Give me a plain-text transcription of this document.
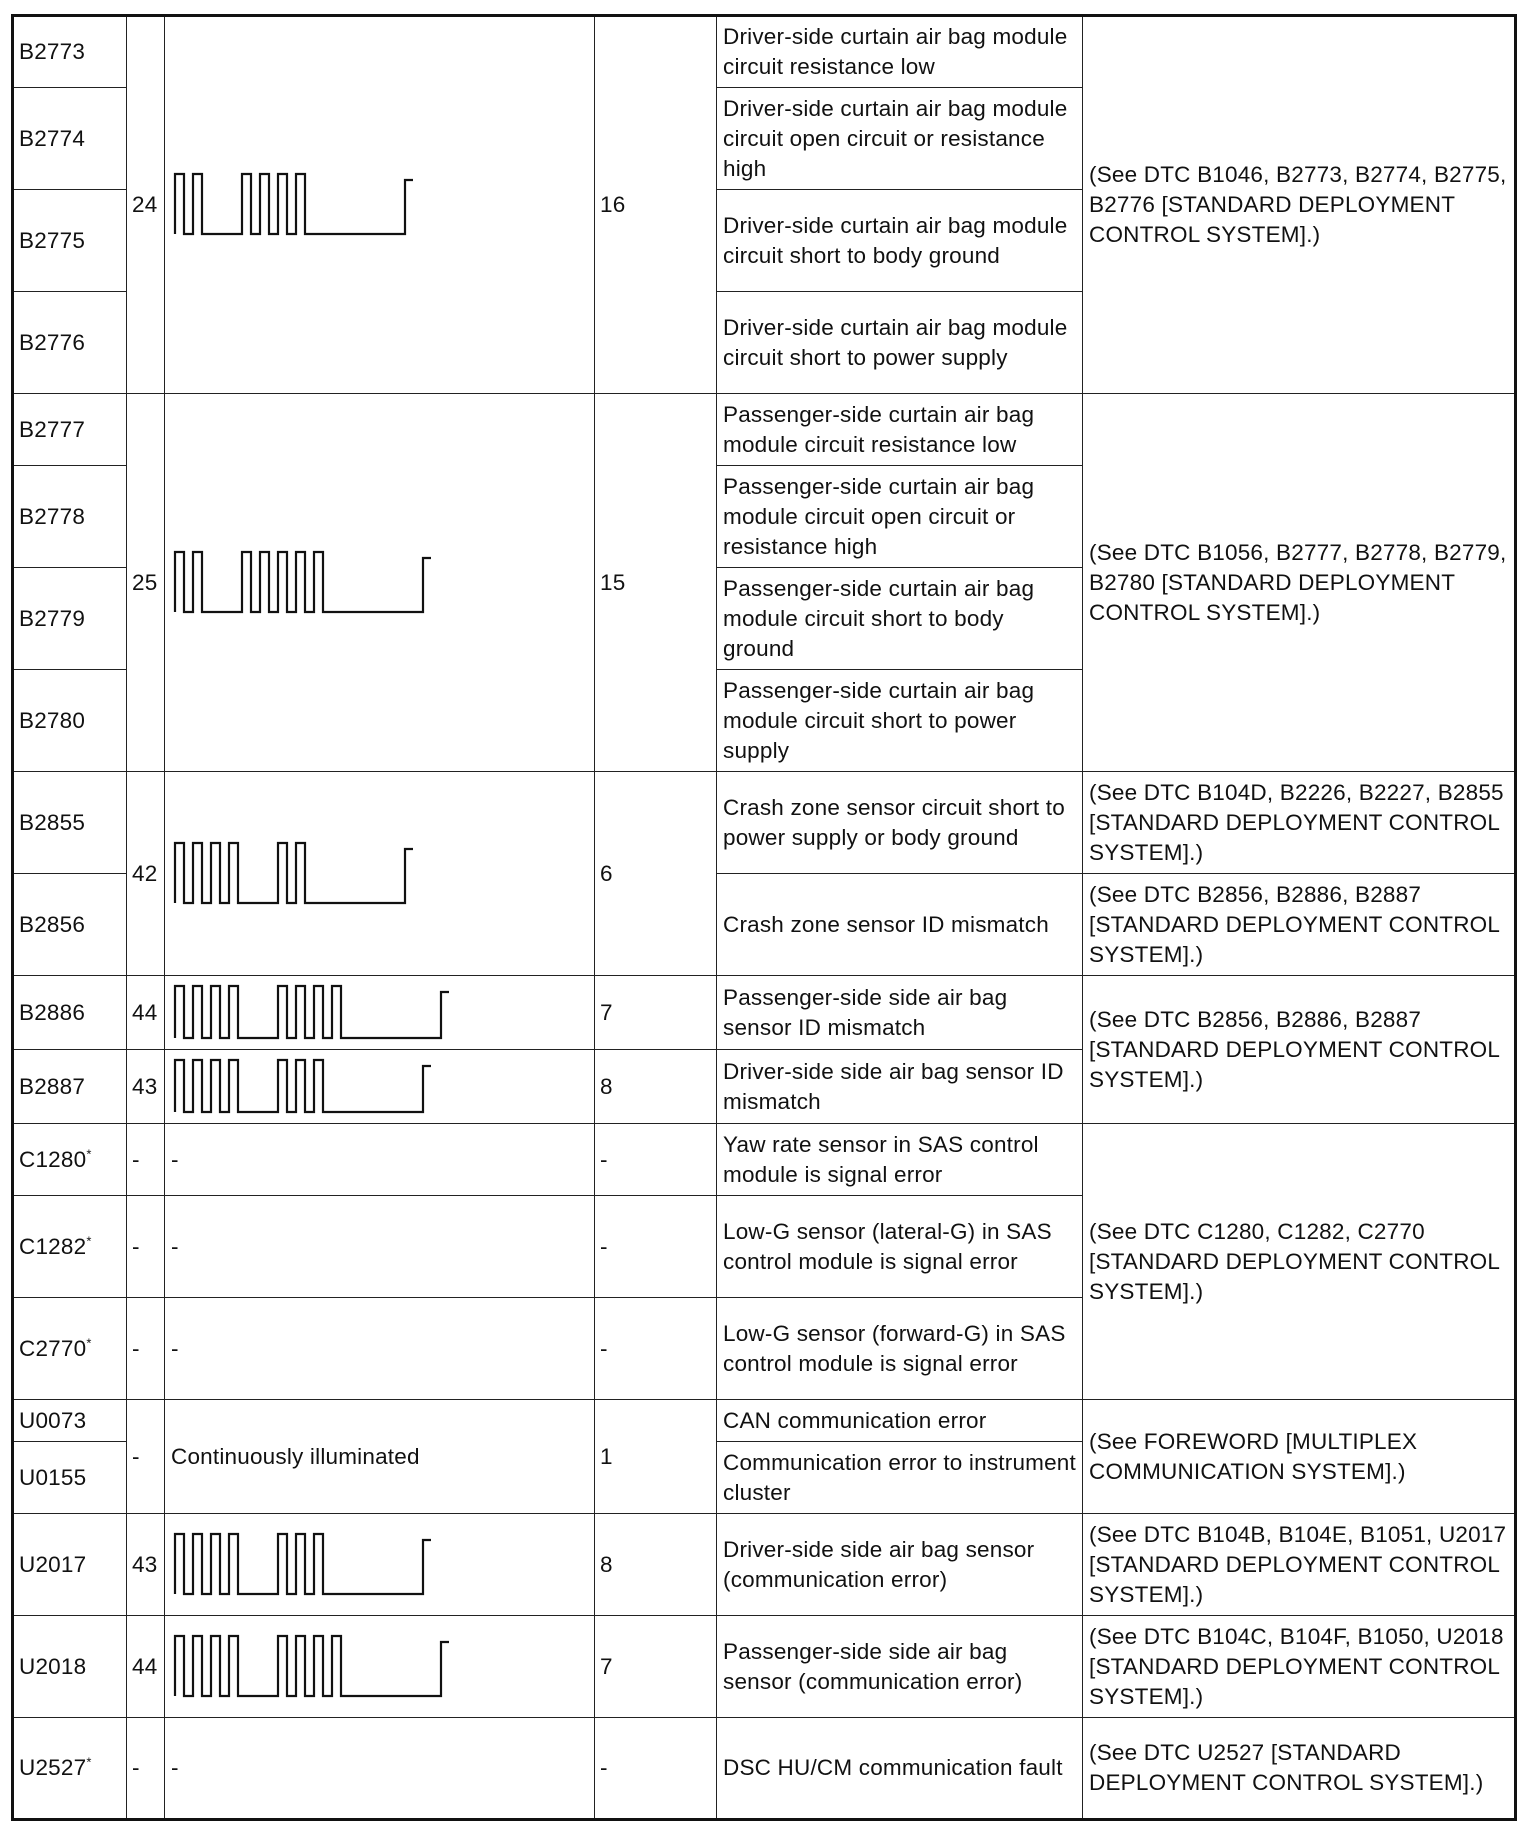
B2773	24		16	Driver-side curtain air bag module circuit resistance low	(See DTC B1046, B2773, B2774, B2775, B2776 [STANDARD DEPLOYMENT CONTROL SYSTEM].)
B2774				Driver-side curtain air bag module circuit open circuit or resistance high	
B2775				Driver-side curtain air bag module circuit short to body ground	
B2776				Driver-side curtain air bag module circuit short to power supply	
B2777	25		15	Passenger-side curtain air bag module circuit resistance low	(See DTC B1056, B2777, B2778, B2779, B2780 [STANDARD DEPLOYMENT CONTROL SYSTEM].)
B2778				Passenger-side curtain air bag module circuit open circuit or resistance high	
B2779				Passenger-side curtain air bag module circuit short to body ground	
B2780				Passenger-side curtain air bag module circuit short to power supply	
B2855	42		6	Crash zone sensor circuit short to power supply or body ground	(See DTC B104D, B2226, B2227, B2855 [STANDARD DEPLOYMENT CONTROL SYSTEM].)
B2856				Crash zone sensor ID mismatch	(See DTC B2856, B2886, B2887 [STANDARD DEPLOYMENT CONTROL SYSTEM].)
B2886	44		7	Passenger-side side air bag sensor ID mismatch	(See DTC B2856, B2886, B2887 [STANDARD DEPLOYMENT CONTROL SYSTEM].)
B2887	43		8	Driver-side side air bag sensor ID mismatch	
C1280*	-	-	-	Yaw rate sensor in SAS control module is signal error	(See DTC C1280, C1282, C2770 [STANDARD DEPLOYMENT CONTROL SYSTEM].)
C1282*	-	-	-	Low-G sensor (lateral-G) in SAS control module is signal error	
C2770*	-	-	-	Low-G sensor (forward-G) in SAS control module is signal error	
U0073	-	Continuously illuminated	1	CAN communication error	(See FOREWORD [MULTIPLEX COMMUNICATION SYSTEM].)
U0155				Communication error to instrument cluster	
U2017	43		8	Driver-side side air bag sensor (communication error)	(See DTC B104B, B104E, B1051, U2017 [STANDARD DEPLOYMENT CONTROL SYSTEM].)
U2018	44		7	Passenger-side side air bag sensor (communication error)	(See DTC B104C, B104F, B1050, U2018 [STANDARD DEPLOYMENT CONTROL SYSTEM].)
U2527*	-	-	-	DSC HU/CM communication fault	(See DTC U2527 [STANDARD DEPLOYMENT CONTROL SYSTEM].)
